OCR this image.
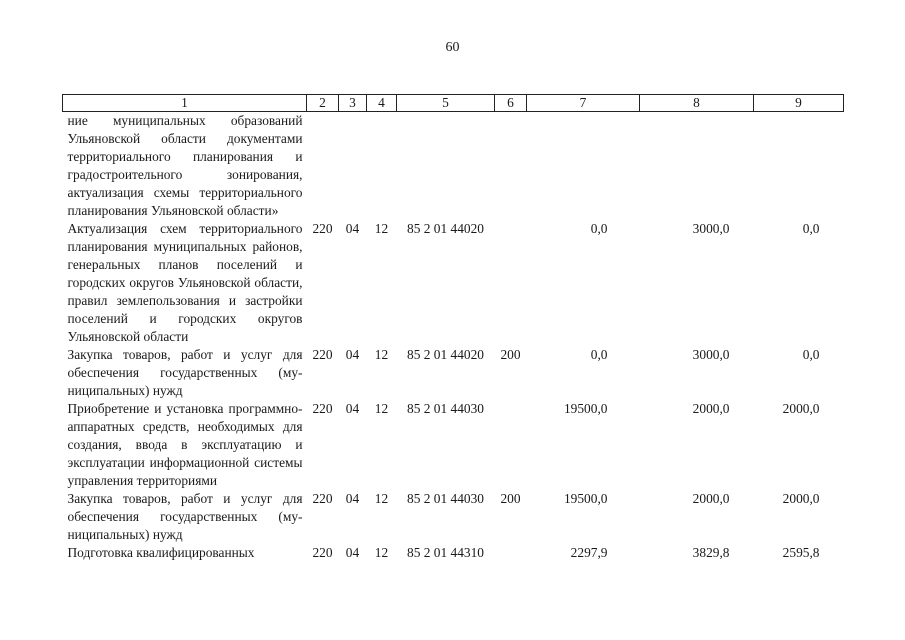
60
1	2	3	4	5	6	7	8	9
ние муниципальных образований Ульяновской области документами территориального планирования и градостроительного зонирования, актуализация схемы территориального планирования Ульяновской области»								
Актуализация схем территориального планирования муниципальных районов, генеральных планов поселений и городских округов Ульяновской области, правил землепользования и застройки поселений и городских округов Ульяновской области	220	04	12	85 2 01 44020		0,0	3000,0	0,0
Закупка товаров, работ и услуг для обеспечения государственных (муниципальных) нужд	220	04	12	85 2 01 44020	200	0,0	3000,0	0,0
Приобретение и установка программно-аппаратных средств, необходимых для создания, ввода в эксплуатацию и эксплуатации информационной системы управления территориями	220	04	12	85 2 01 44030		19500,0	2000,0	2000,0
Закупка товаров, работ и услуг для обеспечения государственных (муниципальных) нужд	220	04	12	85 2 01 44030	200	19500,0	2000,0	2000,0
Подготовка квалифицированных	220	04	12	85 2 01 44310		2297,9	3829,8	2595,8
